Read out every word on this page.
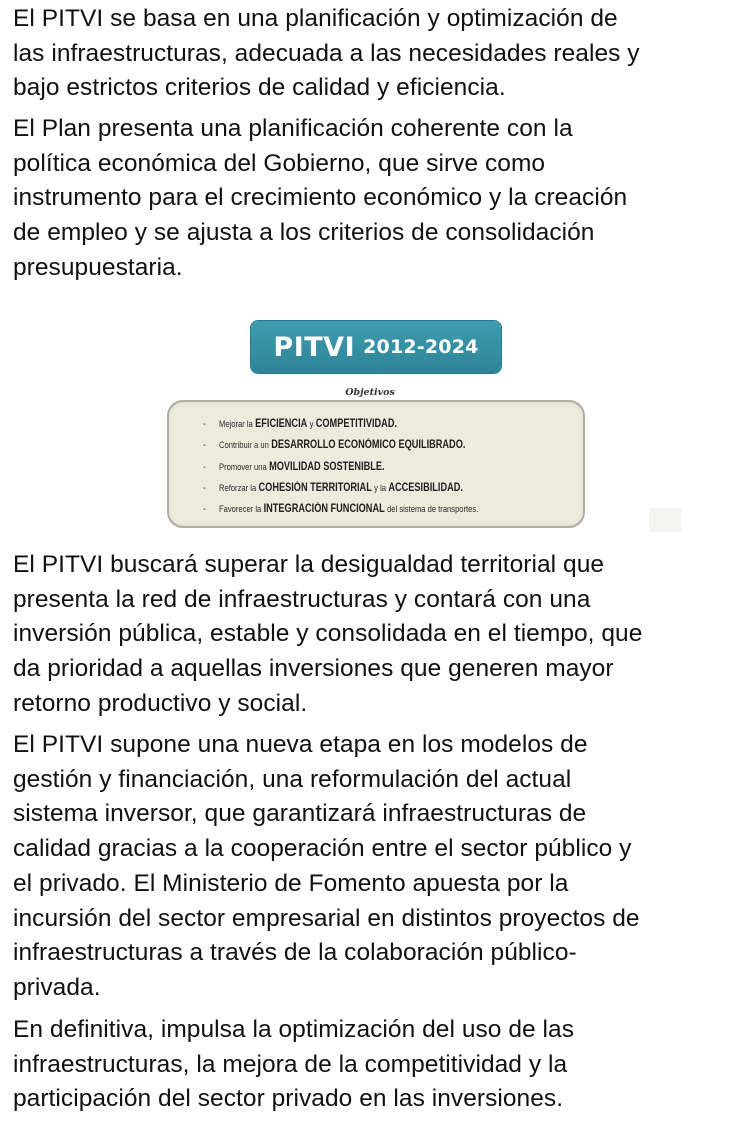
El PITVI se basa en una planificación y optimización de
las infraestructuras, adecuada a las necesidades reales y
bajo estrictos criterios de calidad y eficiencia.

El Plan presenta una planificación coherente con la
política económica del Gobierno, que sirve como
instrumento para el crecimiento económico y la creación
de empleo y se ajusta a los criterios de consolidación
presupuestaria.

PITVI 2012-2024
Objetivos
- Mejorar la EFICIENCIA y COMPETITIVIDAD.
- Contribuir a un DESARROLLO ECONÓMICO EQUILIBRADO.
- Promover una MOVILIDAD SOSTENIBLE.
- Reforzar la COHESIÓN TERRITORIAL y la ACCESIBILIDAD.
- Favorecer la INTEGRACIÓN FUNCIONAL del sistema de transportes.

El PITVI buscará superar la desigualdad territorial que
presenta la red de infraestructuras y contará con una
inversión pública, estable y consolidada en el tiempo, que
da prioridad a aquellas inversiones que generen mayor
retorno productivo y social.

El PITVI supone una nueva etapa en los modelos de
gestión y financiación, una reformulación del actual
sistema inversor, que garantizará infraestructuras de
calidad gracias a la cooperación entre el sector público y
el privado. El Ministerio de Fomento apuesta por la
incursión del sector empresarial en distintos proyectos de
infraestructuras a través de la colaboración público-
privada.

En definitiva, impulsa la optimización del uso de las
infraestructuras, la mejora de la competitividad y la
participación del sector privado en las inversiones.
